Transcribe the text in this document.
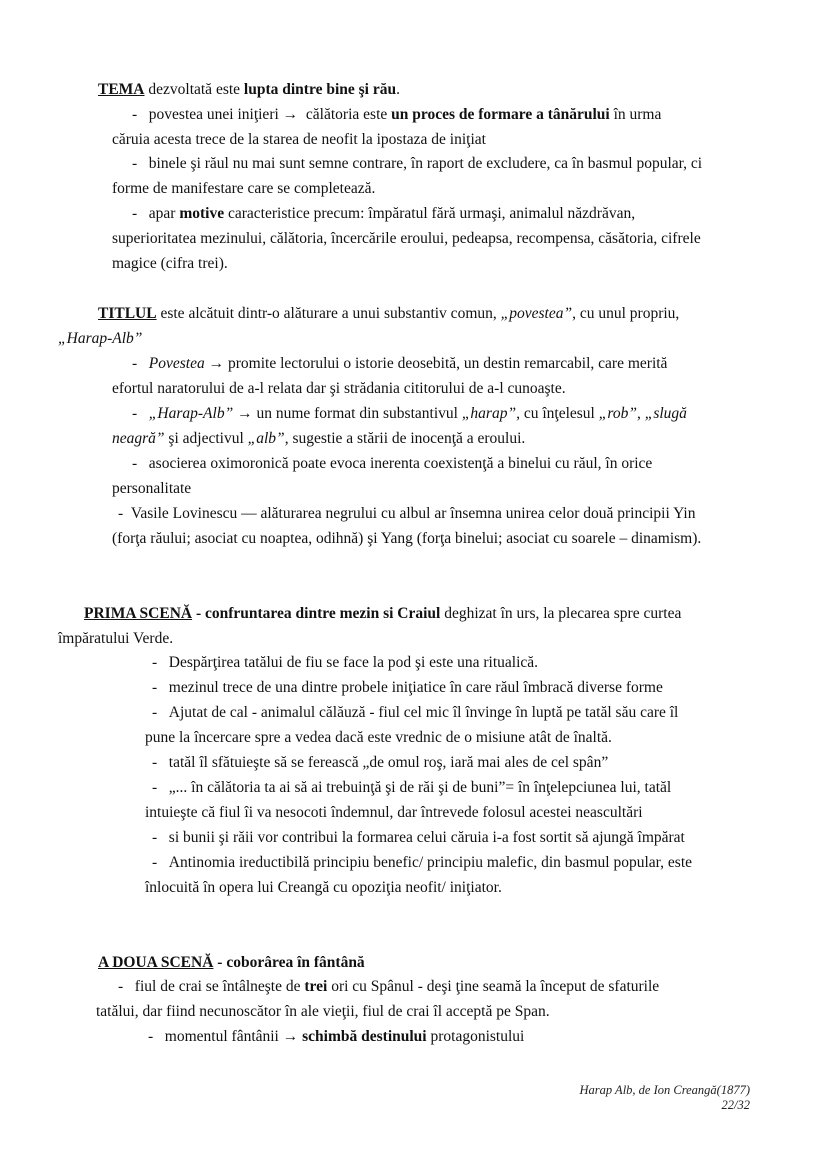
TEMA dezvoltată este lupta dintre bine şi rău.
- povestea unei iniţieri →  călătoria este un proces de formare a tânărului în urma
căruia acesta trece de la starea de neofit la ipostaza de iniţiat
- binele şi răul nu mai sunt semne contrare, în raport de excludere, ca în basmul popular, ci
forme de manifestare care se completează.
- apar motive caracteristice precum: împăratul fără urmaşi, animalul năzdrăvan,
superioritatea mezinului, călătoria, încercările eroului, pedeapsa, recompensa, căsătoria, cifrele
magice (cifra trei).
TITLUL este alcătuit dintr-o alăturare a unui substantiv comun, „povestea”, cu unul propriu,
„Harap-Alb”
- Povestea → promite lectorului o istorie deosebită, un destin remarcabil, care merită
efortul naratorului de a-l relata dar şi strădania cititorului de a-l cunoaşte.
- „Harap-Alb” → un nume format din substantivul „harap”, cu înţelesul „rob”, „slugă
neagră” şi adjectivul „alb”, sugestie a stării de inocenţă a eroului.
- asocierea oximoronică poate evoca inerenta coexistenţă a binelui cu răul, în orice
personalitate
- Vasile Lovinescu — alăturarea negrului cu albul ar însemna unirea celor două principii Yin
(forţa răului; asociat cu noaptea, odihnă) şi Yang (forţa binelui; asociat cu soarele – dinamism).
PRIMA SCENĂ - confruntarea dintre mezin si Craiul deghizat în urs, la plecarea spre curtea
împăratului Verde.
- Despărţirea tatălui de fiu se face la pod şi este una ritualică.
- mezinul trece de una dintre probele iniţiatice în care răul îmbracă diverse forme
- Ajutat de cal - animalul călăuză - fiul cel mic îl învinge în luptă pe tatăl său care îl
pune la încercare spre a vedea dacă este vrednic de o misiune atât de înaltă.
- tatăl îl sfătuieşte să se ferească „de omul roş, iară mai ales de cel spân”
- „... în călătoria ta ai să ai trebuinţă şi de răi şi de buni”= în înţelepciunea lui, tatăl
intuieşte că fiul îi va nesocoti îndemnul, dar întrevede folosul acestei neascultări
- si bunii şi răii vor contribui la formarea celui căruia i-a fost sortit să ajungă împărat
- Antinomia ireductibilă principiu benefic/ principiu malefic, din basmul popular, este
înlocuită în opera lui Creangă cu opoziţia neofit/ iniţiator.
A DOUA SCENĂ - coborârea în fântână
- fiul de crai se întâlneşte de trei ori cu Spânul - deşi ţine seamă la început de sfaturile
tatălui, dar fiind necunoscător în ale vieţii, fiul de crai îl acceptă pe Span.
- momentul fântânii → schimbă destinului protagonistului
Harap Alb, de Ion Creangă(1877)
22/32
